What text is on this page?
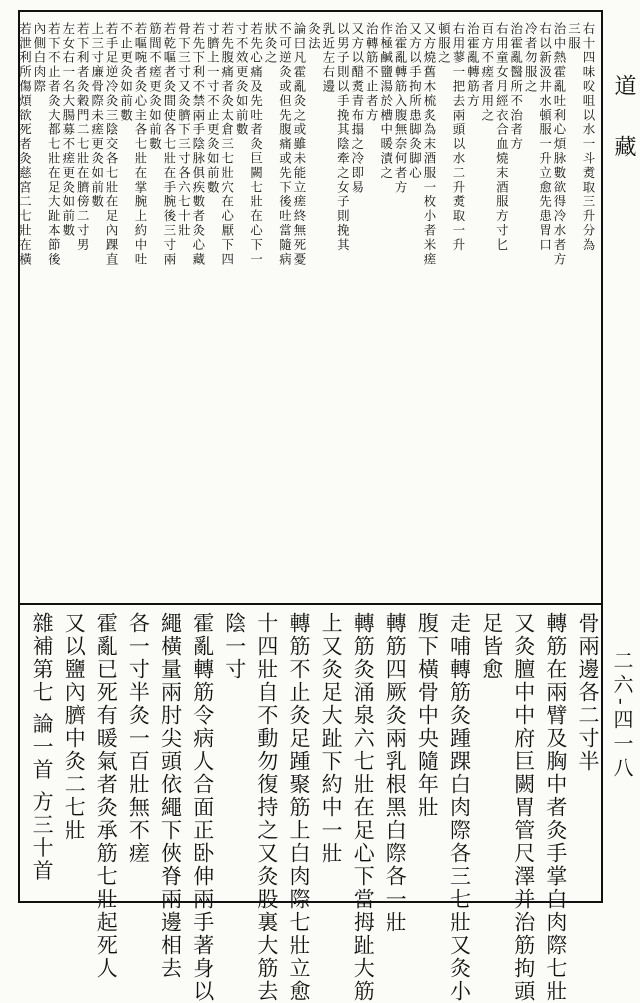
道 藏
二六-四一八
右十四味㕮咀以水一斗煑取三升分為
三服
治中熱霍亂吐利心煩脉數欲得冷水者方
右以新汲井水頓服一升立愈先患胃口
冷者勿服之
治霍亂醫所不治者方
右用童女月經衣合血燒末酒服方寸匕
百方不瘥者用之
治霍亂轉筋方
右用蓼一把去兩頭以水二升煑取一升
頓服之
又方燒舊木梳炙為末酒服一枚小者米瘥
又方以手拘所患脚灸脚心
治霍亂轉筋入腹無奈何者方
作極鹹鹽湯於槽中暖漬之
治轉筋不止者方
又方以醋煑青布搨之冷即易
以男子則以手挽其陰牽之女子則挽其
乳近左右邊
灸法
論曰凡霍亂灸之或雖未能立瘥終無死憂
不可逆灸或但先腹痛或先下後吐當隨病
狀灸之
若先心痛及先吐者灸巨闕七壯在心下一
寸不效更灸如前數
若先腹痛者灸太倉三七壯穴在心厭下四
寸臍上一寸不止更灸如前數
若先下利不禁兩手陰脉俱疾數者灸心藏
骨下三寸又灸臍下三寸各六七十壯
若乾嘔者灸間使各七壯在手腕後三寸兩
筋間不瘥更灸如前數
若嘔啘者灸心主各七壯在掌腕上約中吐
不止更灸如前數
若手足逆冷灸三陰交各七壯在足內踝直
上三寸廉骨際未瘥更灸如前數
若下利者灸穀門二七壯在臍傍二寸男
左女右一名大腸募不瘥更灸如前數
若下不止者灸大都七壯在足大趾本節後
內側白肉際
若泄利所傷煩欲死者灸慈宮二七壯在橫
骨兩邊各二寸半
轉筋在兩臂及胸中者灸手掌白肉際七壯
又灸膻中中府巨闕胃管尺澤并治筋拘頭
足皆愈
走哺轉筋灸踵踝白肉際各三七壯又灸小
腹下橫骨中央隨年壯
轉筋四厥灸兩乳根黑白際各一壯
轉筋灸涌泉六七壯在足心下當拇趾大筋
上又灸足大趾下約中一壯
轉筋不止灸足踵聚筋上白肉際七壯立愈
十四壯自不動勿復持之又灸股裏大筋去
陰一寸
霍亂轉筋令病人合面正卧伸兩手著身以
繩橫量兩肘尖頭依繩下俠脊兩邊相去
各一寸半灸一百壯無不瘥
霍亂已死有暖氣者灸承筋七壯起死人
又以鹽內臍中灸二七壯
雜補第七 論一首 方三十首
